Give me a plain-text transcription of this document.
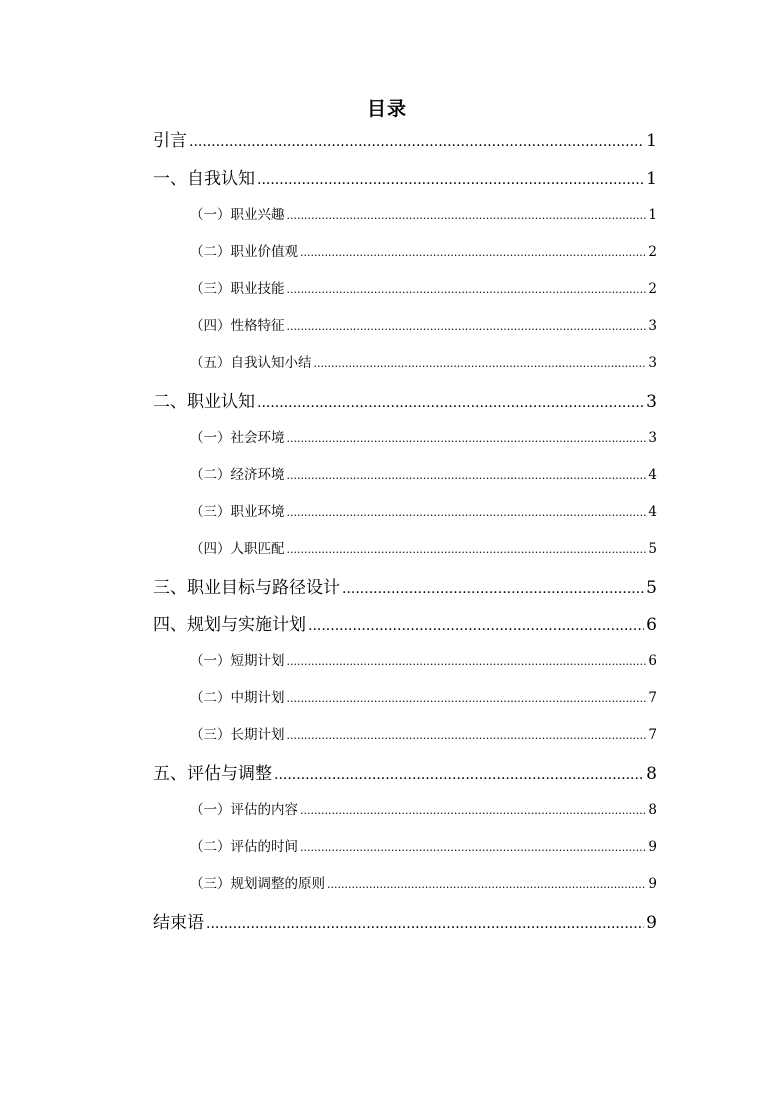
目录
引言 .....	1
一、自我认知 .....	1
（一）职业兴趣 .....	1
（二）职业价值观 .....	2
（三）职业技能 .....	2
（四）性格特征 .....	3
（五）自我认知小结 .....	3
二、职业认知 .....	3
（一）社会环境 .....	3
（二）经济环境 .....	4
（三）职业环境 .....	4
（四）人职匹配 .....	5
三、职业目标与路径设计 .....	5
四、规划与实施计划 .....	6
（一）短期计划 .....	6
（二）中期计划 .....	7
（三）长期计划 .....	7
五、评估与调整 .....	8
（一）评估的内容 .....	8
（二）评估的时间 .....	9
（三）规划调整的原则 .....	9
结束语 .....	9
